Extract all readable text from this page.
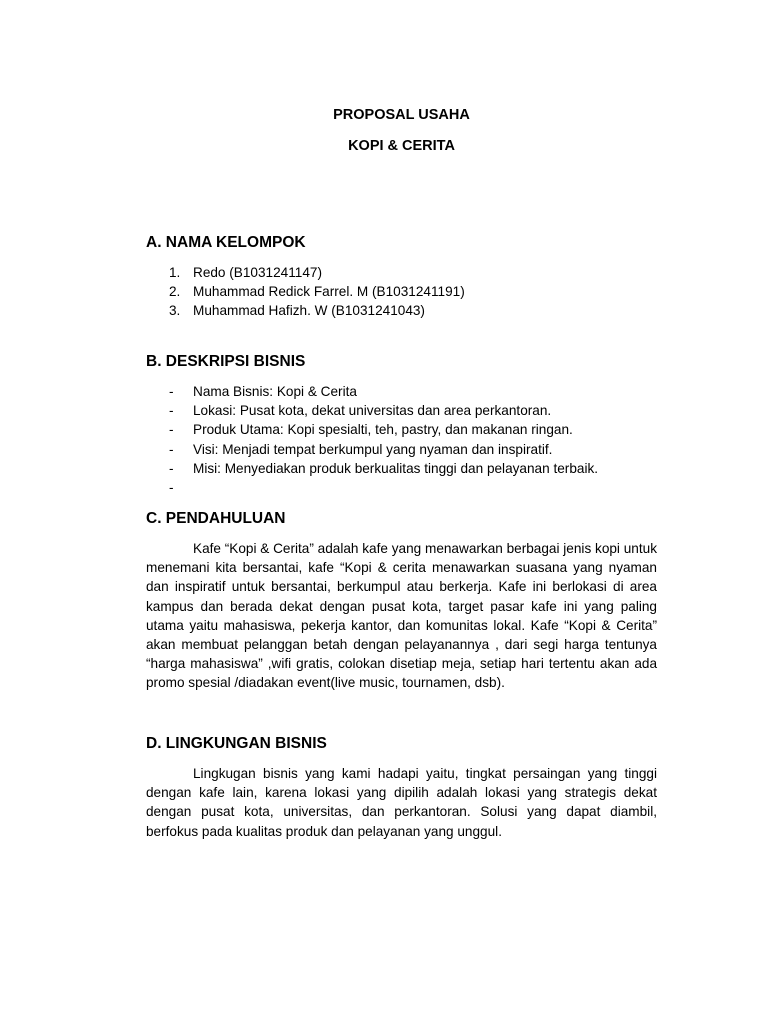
PROPOSAL USAHA
KOPI & CERITA
A. NAMA KELOMPOK
1. Redo (B1031241147)
2. Muhammad Redick Farrel. M (B1031241191)
3. Muhammad Hafizh. W (B1031241043)
B. DESKRIPSI BISNIS
- Nama Bisnis: Kopi & Cerita
- Lokasi: Pusat kota, dekat universitas dan area perkantoran.
- Produk Utama: Kopi spesialti, teh, pastry, dan makanan ringan.
- Visi: Menjadi tempat berkumpul yang nyaman dan inspiratif.
- Misi: Menyediakan produk berkualitas tinggi dan pelayanan terbaik.
-
C. PENDAHULUAN

Kafe “Kopi & Cerita” adalah kafe yang menawarkan berbagai jenis kopi untuk menemani kita bersantai, kafe “Kopi & cerita menawarkan suasana yang nyaman dan inspiratif untuk bersantai, berkumpul atau berkerja. Kafe ini berlokasi di area kampus dan berada dekat dengan pusat kota, target pasar kafe ini yang paling utama yaitu mahasiswa, pekerja kantor, dan komunitas lokal. Kafe “Kopi & Cerita” akan membuat pelanggan betah dengan pelayanannya , dari segi harga tentunya “harga mahasiswa” ,wifi gratis, colokan disetiap meja, setiap hari tertentu akan ada promo spesial /diadakan event(live music, tournamen, dsb).

D. LINGKUNGAN BISNIS

Lingkugan bisnis yang kami hadapi yaitu, tingkat persaingan yang tinggi dengan kafe lain, karena lokasi yang dipilih adalah lokasi yang strategis dekat dengan pusat kota, universitas, dan perkantoran. Solusi yang dapat diambil, berfokus pada kualitas produk dan pelayanan yang unggul.
